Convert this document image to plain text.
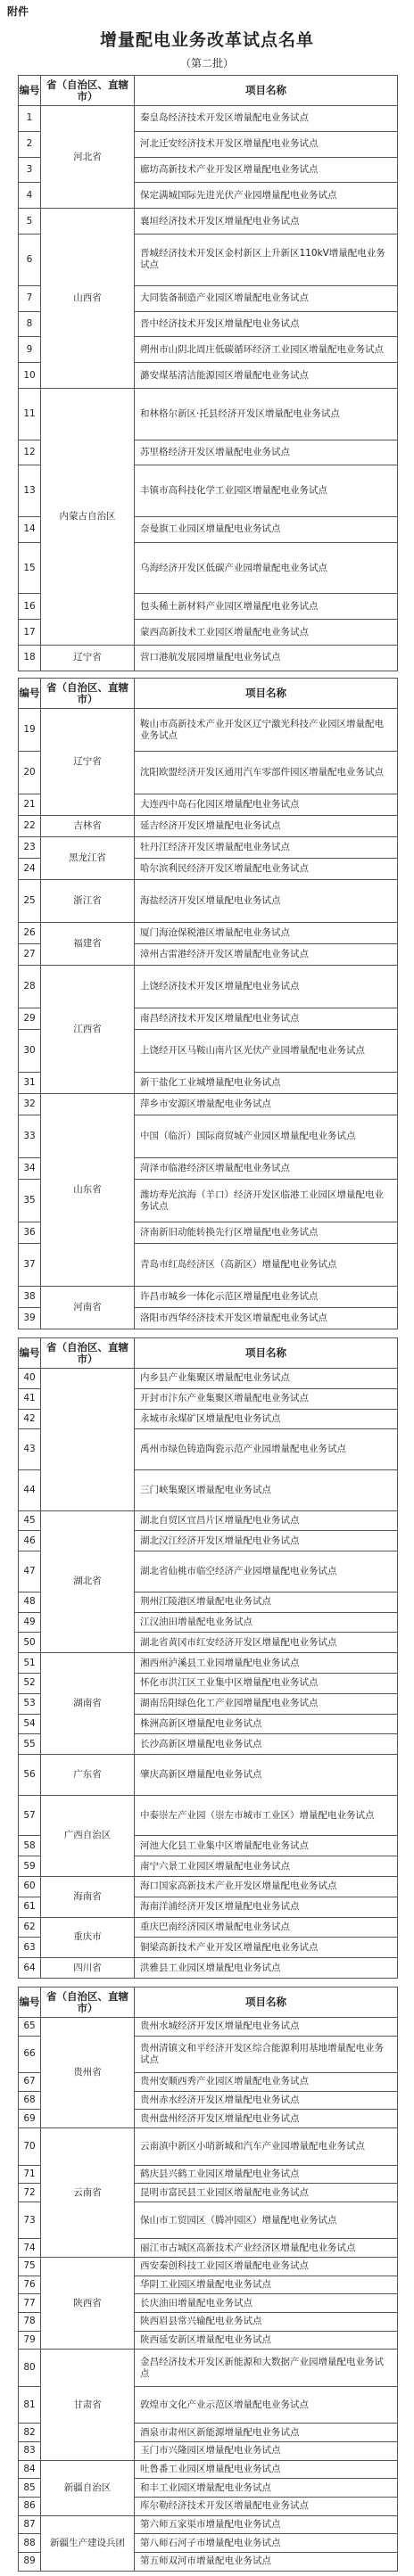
附件
增量配电业务改革试点名单
（第二批）
编号	省（自治区、直辖市）	项目名称
1	河北省	秦皇岛经济技术开发区增量配电业务试点
2		河北迁安经济技术开发区增量配电业务试点
3		廊坊高新技术产业开发区增量配电业务试点
4		保定满城国际先进光伏产业园增量配电业务试点
5	山西省	襄垣经济技术开发区增量配电业务试点
6		晋城经济技术开发区金村新区上升新区110kV增量配电业务试点
7		大同装备制造产业园区增量配电业务试点
8		晋中经济技术开发区增量配电业务试点
9		朔州市山阴北周庄低碳循环经济工业园区增量配电业务试点
10		潞安煤基清洁能源园区增量配电业务试点
11	内蒙古自治区	和林格尔新区·托县经济开发区增量配电业务试点
12		苏里格经济开发区增量配电业务试点
13		丰镇市高科技化学工业园区增量配电业务试点
14		奈曼旗工业园区增量配电业务试点
15		乌海经济开发区低碳产业园增量配电业务试点
16		包头稀土新材料产业园区增量配电业务试点
17		蒙西高新技术工业园区增量配电业务试点
18	辽宁省	营口港航发展园增量配电业务试点
编号	省（自治区、直辖市）	项目名称
19	辽宁省	鞍山市高新技术产业开发区辽宁激光科技产业园区增量配电业务试点
20		沈阳欧盟经济开发区通用汽车零部件园区增量配电业务试点
21		大连西中岛石化园区增量配电业务试点
22	吉林省	延吉经济开发区增量配电业务试点
23	黑龙江省	牡丹江经济开发区增量配电业务试点
24		哈尔滨利民经济开发区增量配电业务试点
25	浙江省	海盐经济开发区增量配电业务试点
26	福建省	厦门海沧保税港区增量配电业务试点
27		漳州古雷港经济开发区增量配电业务试点
28	江西省	上饶经济技术开发区增量配电业务试点
29		南昌经济技术开发区增量配电业务试点
30		上饶经开区马鞍山南片区光伏产业园增量配电业务试点
31		新干盐化工业城增量配电业务试点
32	山东省	萍乡市安源区增量配电业务试点
33		中国（临沂）国际商贸城产业园区增量配电业务试点
34		菏泽市临港经济区增量配电业务试点
35		潍坊寿光滨海（羊口）经济开发区临港工业园区增量配电业务试点
36		济南新旧动能转换先行区增量配电业务试点
37		青岛市红岛经济区（高新区）增量配电业务试点
38	河南省	许昌市城乡一体化示范区增量配电业务试点
39		洛阳市西华经济技术开发区增量配电业务试点
编号	省（自治区、直辖市）	项目名称
40		内乡县产业集聚区增量配电业务试点
41		开封市汴东产业集聚区增量配电业务试点
42		永城市永煤矿区增量配电业务试点
43		禹州市绿色铸造陶瓷示范产业园增量配电业务试点
44		三门峡集聚区增量配电业务试点
45	湖北省	湖北自贸区宜昌片区增量配电业务试点
46		湖北汉江经济开发区增量配电业务试点
47		湖北省仙桃市临空经济产业园增量配电业务试点
48		荆州江陵港区增量配电业务试点
49		江汉油田增量配电业务试点
50		湖北省黄冈市红安经济开发区增量配电业务试点
51	湖南省	湘西州泸溪县工业园增量配电业务试点
52		怀化市洪江区工业集中区增量配电业务试点
53		湖南岳阳绿色化工产业园增量配电业务试点
54		株洲高新区增量配电业务试点
55		长沙高新区增量配电业务试点
56	广东省	肇庆高新区增量配电业务试点
57	广西自治区	中泰崇左产业园（崇左市城市工业区）增量配电业务试点
58		河池大化县工业集中区增量配电业务试点
59		南宁六景工业园区增量配电业务试点
60	海南省	海口国家高新技术产业开发区增量配电业务试点
61		海南洋浦经济开发区增量配电业务试点
62	重庆市	重庆巴南经济园区增量配电业务试点
63		铜梁高新技术产业开发区增量配电业务试点
64	四川省	洪雅县工业园区增量配电业务试点
编号	省（自治区、直辖市）	项目名称
65	贵州省	贵州水城经济开发区增量配电业务试点
66		贵州清镇文和平经济开发区综合能源利用基地增量配电业务试点
67		贵州安顺西秀产业园区增量配电业务试点
68		贵州赤水经济开发区增量配电业务试点
69		贵州盘州经济开发区增量配电业务试点
70	云南省	云南滇中新区小哨新城和汽车产业园增量配电业务试点
71		鹤庆县兴鹤工业园区增量配电业务试点
72		昆明市富民县工业园区增量配电业务试点
73		保山市工贸园区（腾冲园区）增量配电业务试点
74		丽江市古城区高新技术产业经济区增量配电业务试点
75	陕西省	西安秦创科技工业园区增量配电业务试点
76		华阴工业园区增量配电业务试点
77		长庆油田增量配电业务试点
78		陕西眉县常兴输配电业务试点
79		陕西延安新区增量配电业务试点
80	甘肃省	金昌经济技术开发区新能源和大数据产业园增量配电业务试点
81		敦煌市文化产业示范区增量配电业务试点
82		酒泉市肃州区新能源增量配电业务试点
83		玉门市兴隆园区增量配电业务试点
84	新疆自治区	吐鲁番工业园区增量配电业务试点
85		和丰工业园区增量配电业务试点
86		库尔勒经济技术开发区增量配电业务试点
87	新疆生产建设兵团	第六师五家渠市增量配电业务试点
88		第八师石河子市增量配电业务试点
89		第五师双河市增量配电业务试点
